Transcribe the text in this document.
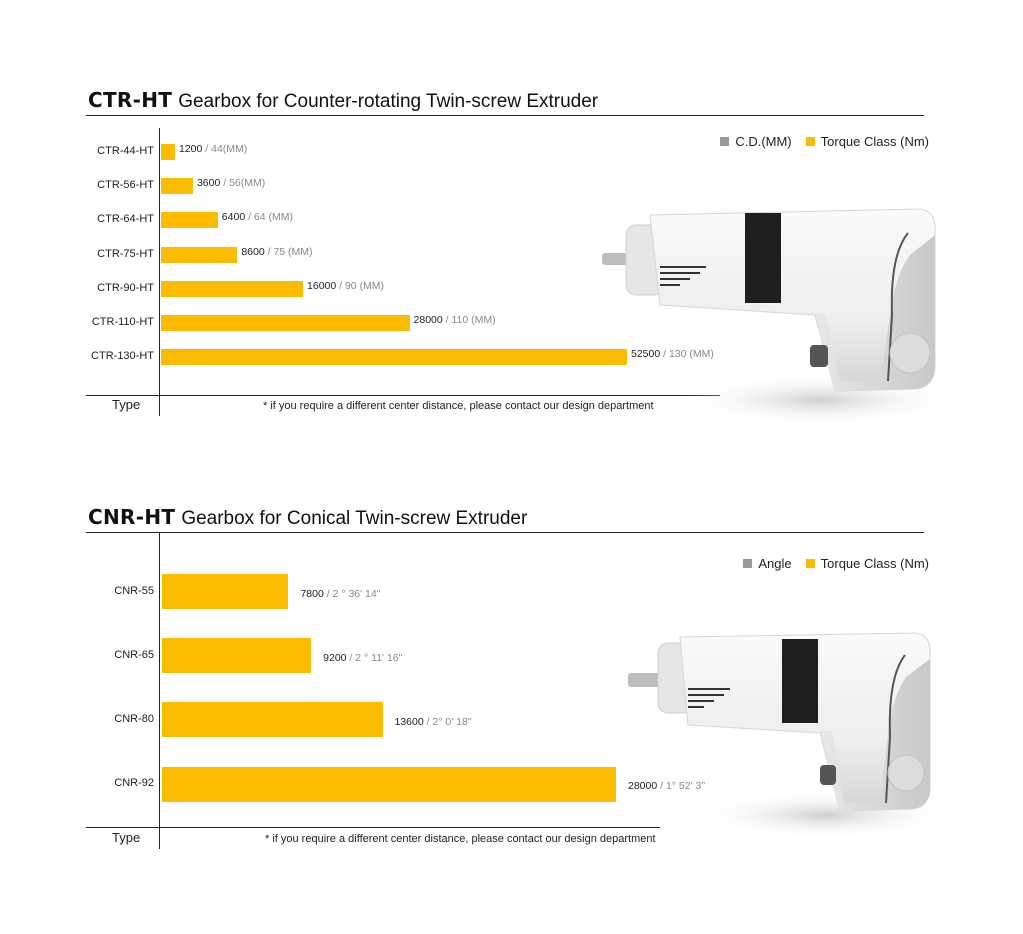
CTR-HT Gearbox for Counter-rotating Twin-screw Extruder
C.D.(MM) Torque Class (Nm)
CTR-44-HT 1200 / 44(MM)
CTR-56-HT	3600 / 56(MM)
CTR-64-HT	6400 / 64 (MM)
CTR-75-HT	8600 / 75 (MM)
CTR-90-HT	16000 / 90 (MM)
CTR-110-HT	28000 / 110 (MM)
CTR-130-HT	52500 / 130 (MM)
Type	* if you require a different center distance, please contact our design department
CNR-HT Gearbox for Conical Twin-screw Extruder
Angle Torque Class (Nm)
CNR-55	7800 / 2 ° 36' 14"
CNR-65	9200 / 2 ° 11' 16"
CNR-80	13600 / 2° 0' 18"
CNR-92	28000 / 1° 52' 3"
Type	* if you require a different center distance, please contact our design department
